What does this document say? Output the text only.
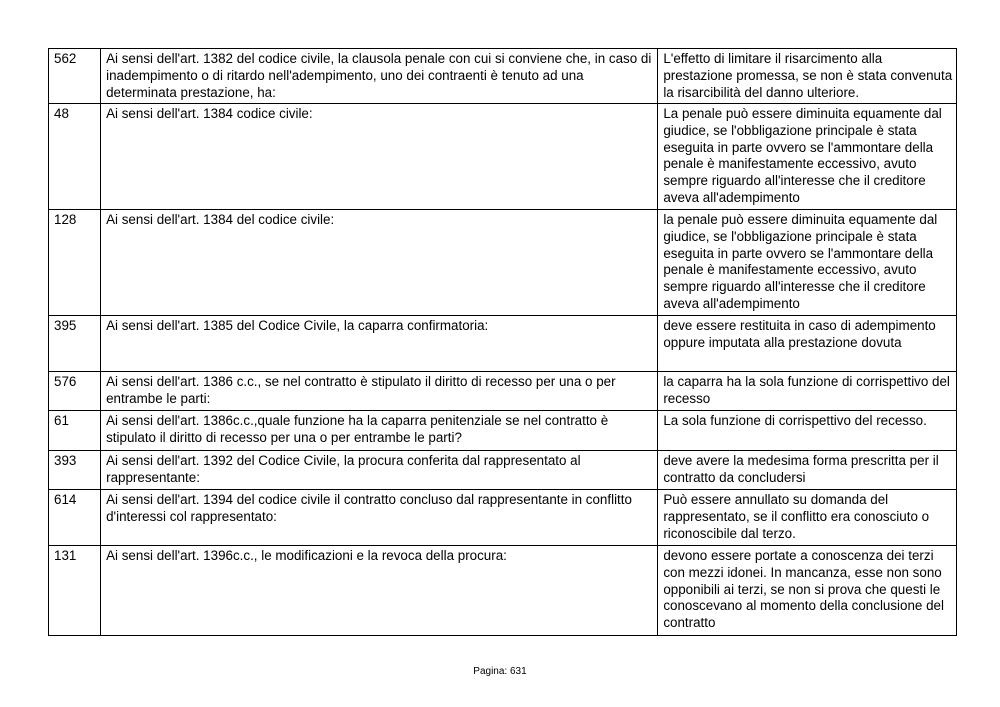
562	Ai sensi dell'art. 1382 del codice civile, la clausola penale con cui si conviene che, in caso di inadempimento o di ritardo nell'adempimento, uno dei contraenti è tenuto ad una determinata prestazione, ha:	L'effetto di limitare il risarcimento alla prestazione promessa, se non è stata convenuta la risarcibilità del danno ulteriore.
48	Ai sensi dell'art. 1384 codice civile:	La penale può essere diminuita equamente dal giudice, se l'obbligazione principale è stata eseguita in parte ovvero se l'ammontare della penale è manifestamente eccessivo, avuto sempre riguardo all'interesse che il creditore aveva all'adempimento
128	Ai sensi dell'art. 1384 del codice civile:	la penale può essere diminuita equamente dal giudice, se l'obbligazione principale è stata eseguita in parte ovvero se l'ammontare della penale è manifestamente eccessivo, avuto sempre riguardo all'interesse che il creditore aveva all'adempimento
395	Ai sensi dell'art. 1385 del Codice Civile, la caparra confirmatoria:	deve essere restituita in caso di adempimento oppure imputata alla prestazione dovuta
576	Ai sensi dell'art. 1386 c.c., se nel contratto è stipulato il diritto di recesso per una o per entrambe le parti:	la caparra ha la sola funzione di corrispettivo del recesso
61	Ai sensi dell'art. 1386c.c.,quale funzione ha la caparra penitenziale se nel contratto è stipulato il diritto di recesso per una o per entrambe le parti?	La sola funzione di corrispettivo del recesso.
393	Ai sensi dell'art. 1392 del Codice Civile, la procura conferita dal rappresentato al rappresentante:	deve avere la medesima forma prescritta per il contratto da concludersi
614	Ai sensi dell'art. 1394 del codice civile il contratto concluso dal rappresentante in conflitto d'interessi col rappresentato:	Può essere annullato su domanda del rappresentato, se il conflitto era conosciuto o riconoscibile dal terzo.
131	Ai sensi dell'art. 1396c.c., le modificazioni e la revoca della procura:	devono essere portate a conoscenza dei terzi con mezzi idonei. In mancanza, esse non sono opponibili ai terzi, se non si prova che questi le conoscevano al momento della conclusione del contratto
Pagina: 631
